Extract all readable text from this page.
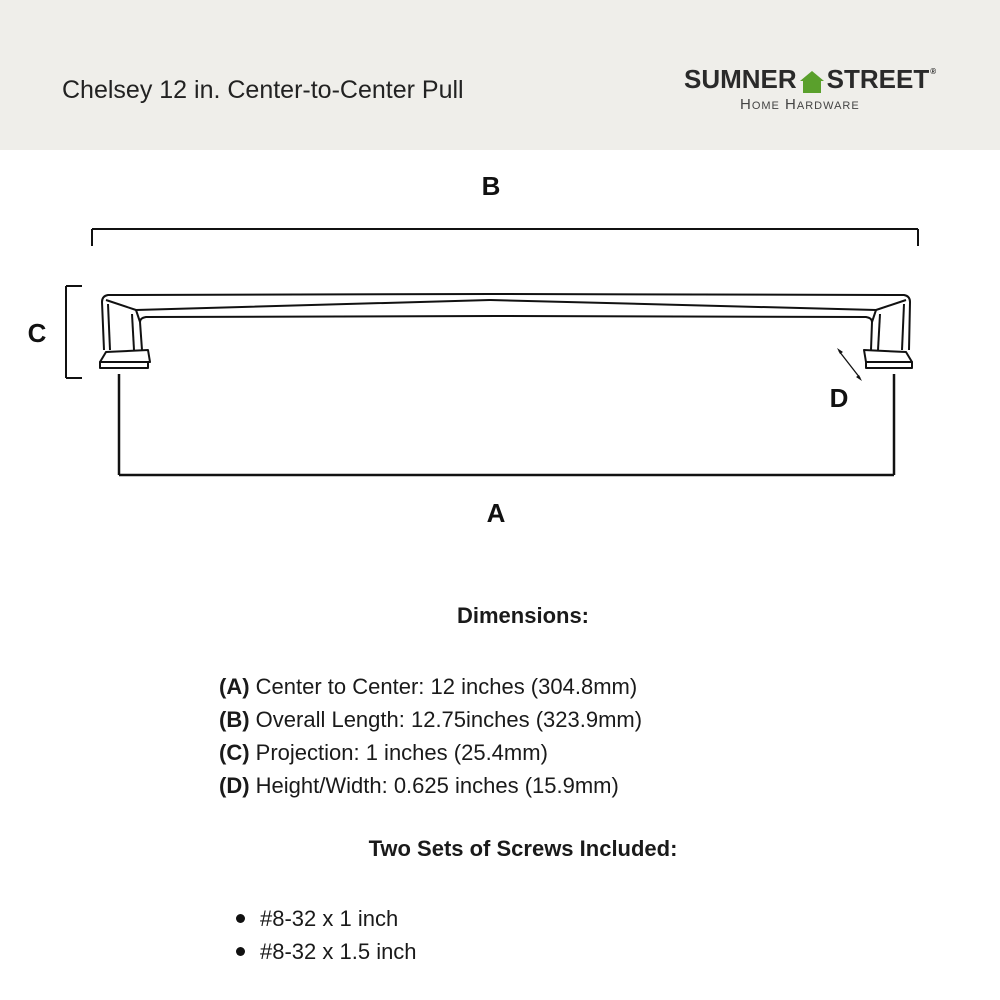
Chelsey 12 in. Center-to-Center Pull	SUMNER STREET ®
Home Hardware
B
C
D
A
Dimensions:
(A) Center to Center: 12 inches (304.8mm)
(B) Overall Length: 12.75inches (323.9mm)
(C) Projection: 1 inches (25.4mm)
(D) Height/Width: 0.625 inches (15.9mm)
Two Sets of Screws Included:
#8-32 x 1 inch
#8-32 x 1.5 inch
